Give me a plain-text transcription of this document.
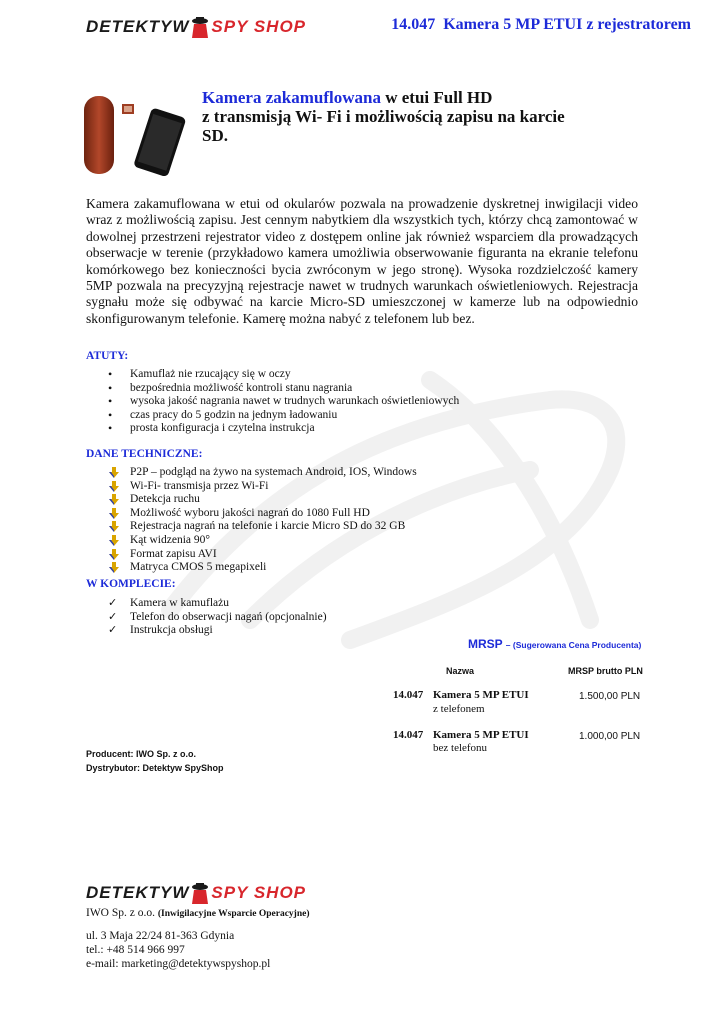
DETEKTYW SPY SHOP	14.047 Kamera 5 MP ETUI z rejestratorem
Kamera zakamuflowana w etui Full HD
z transmisją Wi- Fi i możliwością zapisu na karcie
SD.
Kamera zakamuflowana w etui od okularów pozwala na prowadzenie dyskretnej inwigilacji video wraz z możliwością zapisu. Jest cennym nabytkiem dla wszystkich tych, którzy chcą zamontować w dowolnej przestrzeni rejestrator video z dostępem online jak również wsparciem dla prowadzących obserwacje w terenie (przykładowo kamera umożliwia obserwowanie figuranta na ekranie telefonu komórkowego bez konieczności bycia zwróconym w jego stronę). Wysoka rozdzielczość kamery 5MP pozwala na precyzyjną rejestracje nawet w trudnych warunkach oświetleniowych. Rejestracja sygnału może się odbywać na karcie Micro-SD umieszczonej w kamerze lub na odpowiednio skonfigurowanym telefonie. Kamerę można nabyć z telefonem lub bez.
ATUTY:
• Kamuflaż nie rzucający się w oczy
• bezpośrednia możliwość kontroli stanu nagrania
• wysoka jakość nagrania nawet w trudnych warunkach oświetleniowych
• czas pracy do 5 godzin na jednym ładowaniu
• prosta konfiguracja i czytelna instrukcja
DANE TECHNICZNE:
P2P – podgląd na żywo na systemach Android, IOS, Windows
Wi-Fi- transmisja przez Wi-Fi
Detekcja ruchu
Możliwość wyboru jakości nagrań do 1080 Full HD
Rejestracja nagrań na telefonie i karcie Micro SD do 32 GB
Kąt widzenia 90°
Format zapisu AVI
Matryca CMOS 5 megapixeli
W KOMPLECIE:
✓ Kamera w kamuflażu
✓ Telefon do obserwacji nagań (opcjonalnie)
✓ Instrukcja obsługi
MRSP – (Sugerowana Cena Producenta)
Nazwa	MRSP brutto PLN
14.047 Kamera 5 MP ETUI
z telefonem
1.500,00 PLN
14.047 Kamera 5 MP ETUI
bez telefonu
1.000,00 PLN
Producent: IWO Sp. z o.o.
Dystrybutor: Detektyw SpyShop
DETEKTYW SPY SHOP
IWO Sp. z o.o. (Inwigilacyjne Wsparcie Operacyjne)
ul. 3 Maja 22/24 81-363 Gdynia
tel.: +48 514 966 997
e-mail: marketing@detektywspyshop.pl
